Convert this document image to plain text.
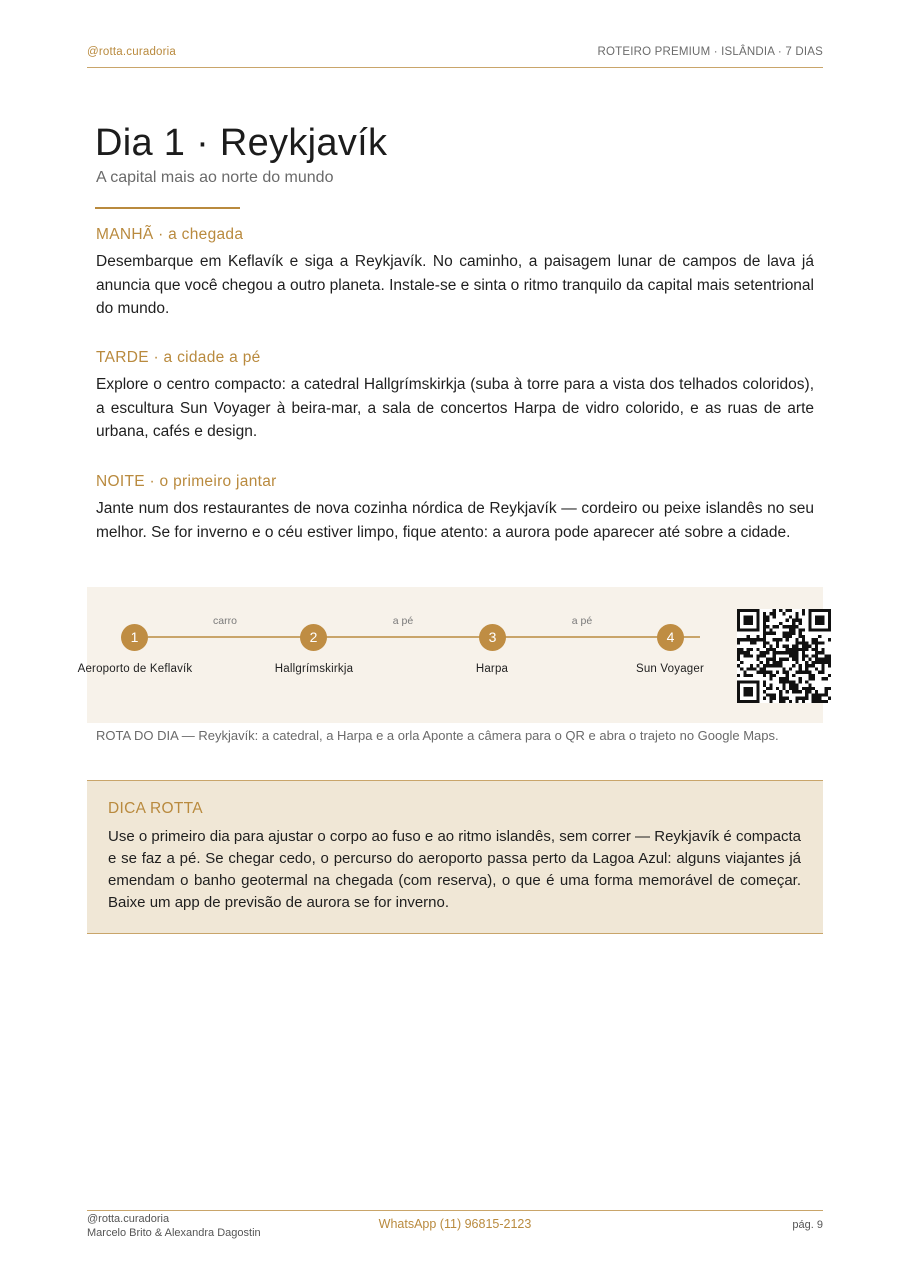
@rotta.curadoria	ROTEIRO PREMIUM · ISLÂNDIA · 7 DIAS
Dia 1 · Reykjavík
A capital mais ao norte do mundo
MANHÃ · a chegada

Desembarque em Keflavík e siga a Reykjavík. No caminho, a paisagem lunar de campos de lava já anuncia que você chegou a outro planeta. Instale-se e sinta o ritmo tranquilo da capital mais setentrional do mundo.

TARDE · a cidade a pé

Explore o centro compacto: a catedral Hallgrímskirkja (suba à torre para a vista dos telhados coloridos), a escultura Sun Voyager à beira-mar, a sala de concertos Harpa de vidro colorido, e as ruas de arte urbana, cafés e design.

NOITE · o primeiro jantar

Jante num dos restaurantes de nova cozinha nórdica de Reykjavík — cordeiro ou peixe islandês no seu melhor. Se for inverno e o céu estiver limpo, fique atento: a aurora pode aparecer até sobre a cidade.

carro	a pé	a pé
1	2	3	4
Aeroporto de Keflavík	Hallgrímskirkja	Harpa	Sun Voyager
ROTA DO DIA — Reykjavík: a catedral, a Harpa e a orla Aponte a câmera para o QR e abra o trajeto no Google Maps.
DICA ROTTA

Use o primeiro dia para ajustar o corpo ao fuso e ao ritmo islandês, sem correr — Reykjavík é compacta e se faz a pé. Se chegar cedo, o percurso do aeroporto passa perto da Lagoa Azul: alguns viajantes já emendam o banho geotermal na chegada (com reserva), o que é uma forma memorável de começar. Baixe um app de previsão de aurora se for inverno.

@rotta.curadoria
Marcelo Brito & Alexandra Dagostin
WhatsApp (11) 96815-2123	pág. 9
